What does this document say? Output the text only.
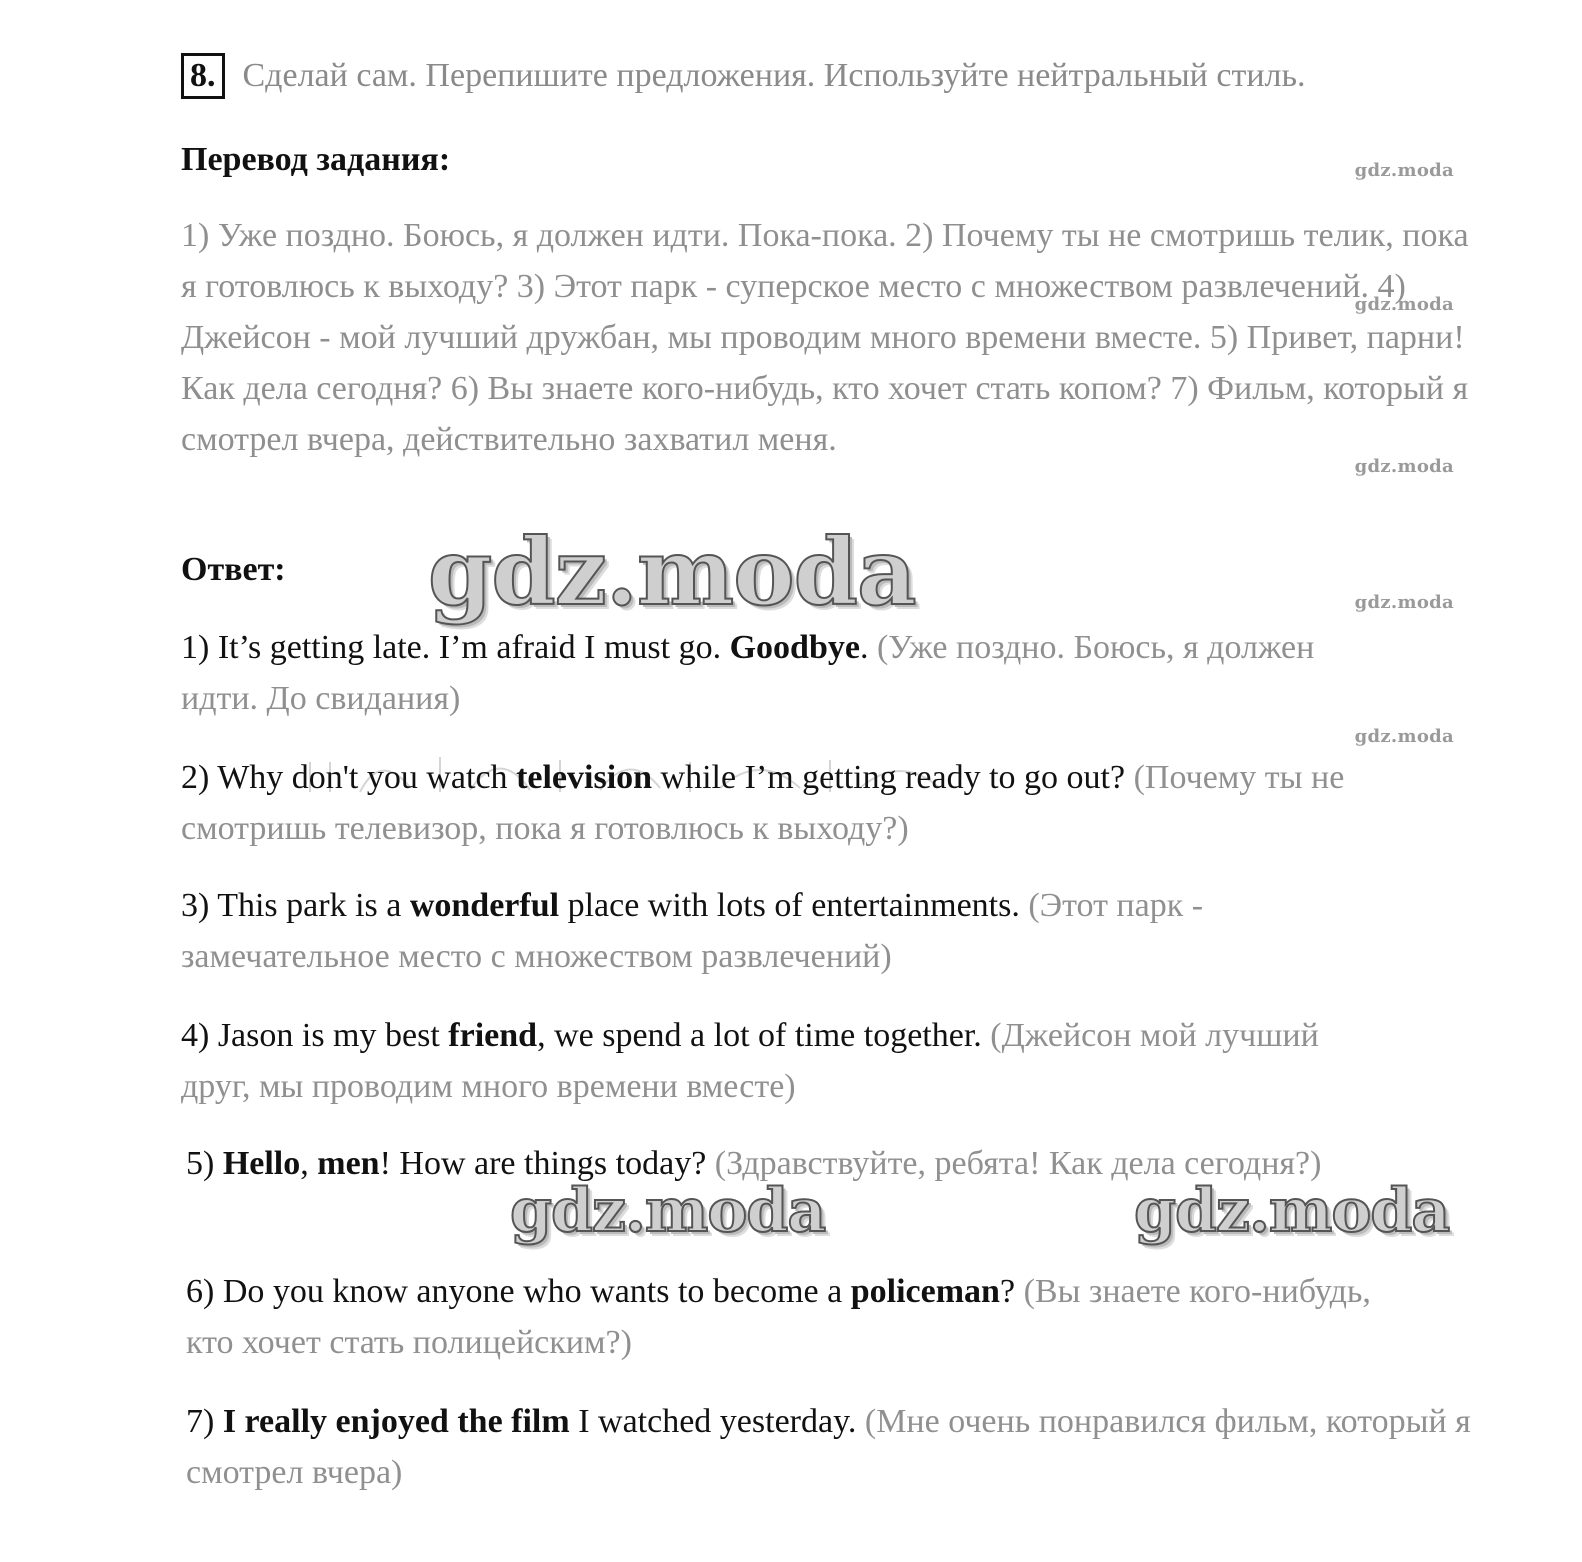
8. Сделай сам. Перепишите предложения. Используйте нейтральный стиль.
gdz.moda
Перевод задания:
1) Уже поздно. Боюсь, я должен идти. Пока-пока. 2) Почему ты не смотришь телик, пока я готовлюсь к выходу? 3) Этот парк - суперское место с множеством развлечений. 4) Джейсон - мой лучший дружбан, мы проводим много времени вместе. 5) Привет, парни! Как дела сегодня? 6) Вы знаете кого-нибудь, кто хочет стать копом? 7) Фильм, который я смотрел вчера, действительно захватил меня.
gdz.moda
gdz.moda
Ответ: gdz.moda	gdz.moda
1) It’s getting late. I’m afraid I must go. Goodbye. (Уже поздно. Боюсь, я должен идти. До свидания)
gdz.moda
2) Why don't you watch television while I’m getting ready to go out? (Почему ты не смотришь телевизор, пока я готовлюсь к выходу?)
3) This park is a wonderful place with lots of entertainments. (Этот парк - замечательное место с множеством развлечений)
4) Jason is my best friend, we spend a lot of time together. (Джейсон мой лучший друг, мы проводим много времени вместе)
5) Hello, men! How are things today? (Здравствуйте, ребята! Как дела сегодня?)
gdz.moda	gdz.moda
6) Do you know anyone who wants to become a policeman? (Вы знаете кого-нибудь, кто хочет стать полицейским?)
7) I really enjoyed the film I watched yesterday. (Мне очень понравился фильм, который я смотрел вчера)
